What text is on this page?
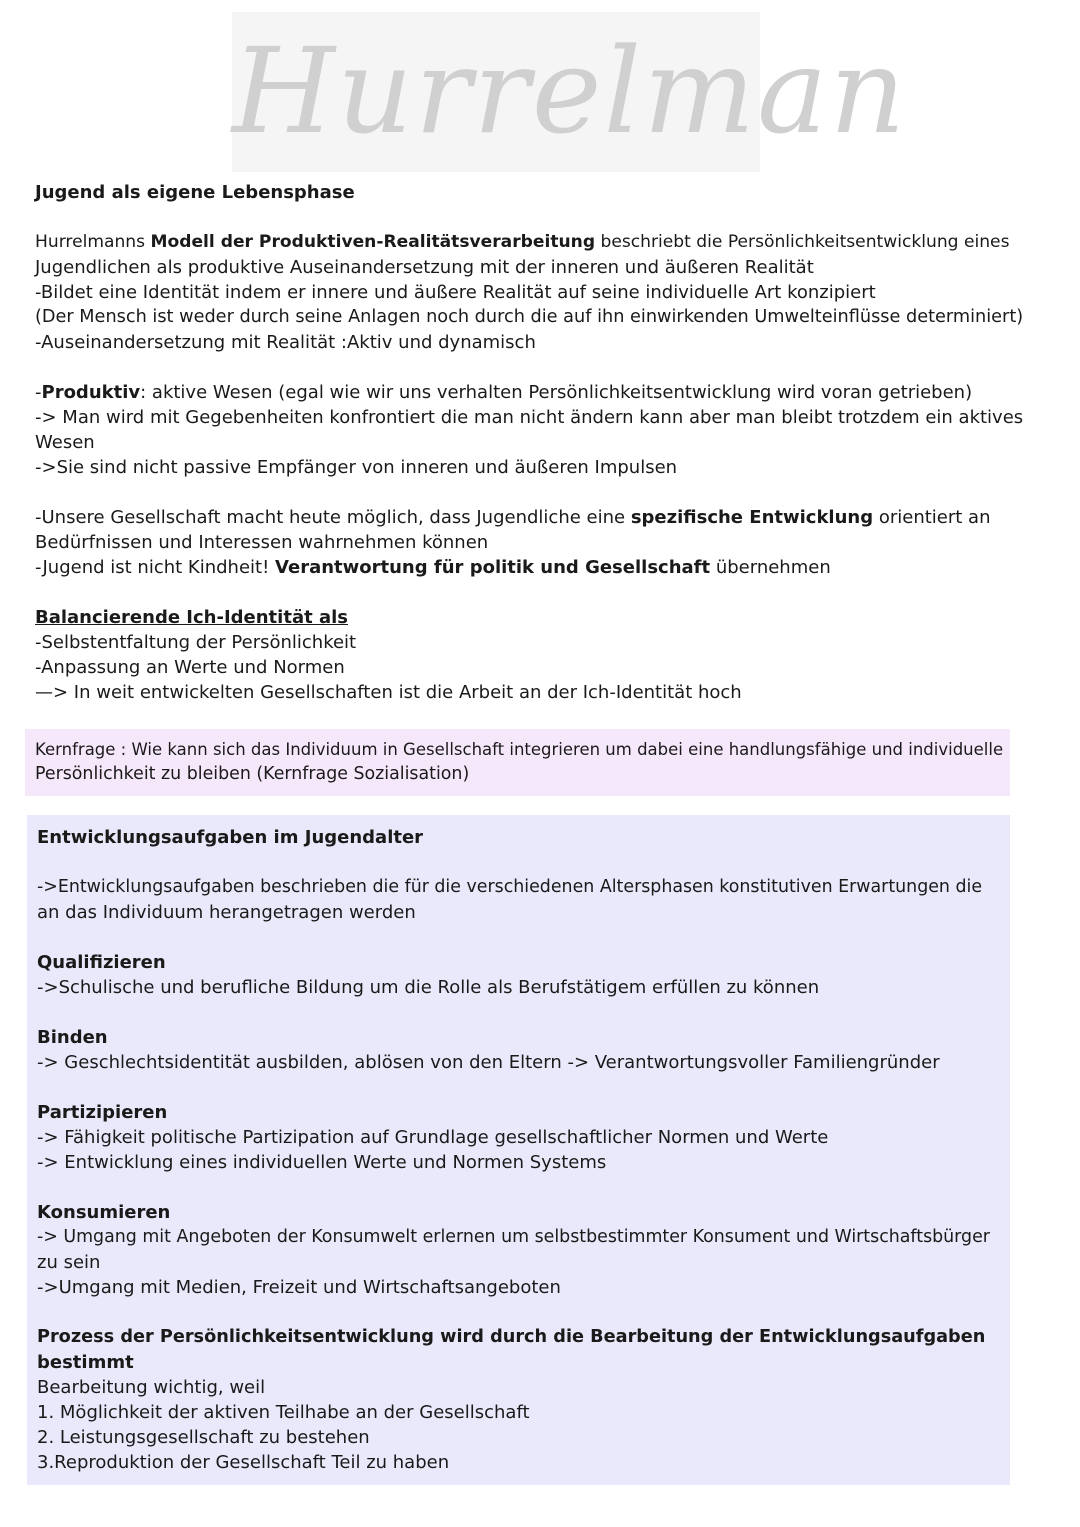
Hurrelman

Jugend als eigene Lebensphase

Hurrelmanns Modell der Produktiven-Realitätsverarbeitung beschriebt die Persönlichkeitsentwicklung eines

Jugendlichen als produktive Auseinandersetzung mit der inneren und äußeren Realität

-Bildet eine Identität indem er innere und äußere Realität auf seine individuelle Art konzipiert

(Der Mensch ist weder durch seine Anlagen noch durch die auf ihn einwirkenden Umwelteinflüsse determiniert)

-Auseinandersetzung mit Realität :Aktiv und dynamisch

-Produktiv: aktive Wesen (egal wie wir uns verhalten Persönlichkeitsentwicklung wird voran getrieben)

-> Man wird mit Gegebenheiten konfrontiert die man nicht ändern kann aber man bleibt trotzdem ein aktives

Wesen

->Sie sind nicht passive Empfänger von inneren und äußeren Impulsen

-Unsere Gesellschaft macht heute möglich, dass Jugendliche eine spezifische Entwicklung orientiert an

Bedürfnissen und Interessen wahrnehmen können

-Jugend ist nicht Kindheit! Verantwortung für politik und Gesellschaft übernehmen

Balancierende Ich-Identität als

-Selbstentfaltung der Persönlichkeit

-Anpassung an Werte und Normen

—> In weit entwickelten Gesellschaften ist die Arbeit an der Ich-Identität hoch

Kernfrage : Wie kann sich das Individuum in Gesellschaft integrieren um dabei eine handlungsfähige und individuelle

Persönlichkeit zu bleiben (Kernfrage Sozialisation)

Entwicklungsaufgaben im Jugendalter

->Entwicklungsaufgaben beschrieben die für die verschiedenen Altersphasen konstitutiven Erwartungen die

an das Individuum herangetragen werden

Qualifizieren

->Schulische und berufliche Bildung um die Rolle als Berufstätigem erfüllen zu können

Binden

-> Geschlechtsidentität ausbilden, ablösen von den Eltern -> Verantwortungsvoller Familiengründer

Partizipieren

-> Fähigkeit politische Partizipation auf Grundlage gesellschaftlicher Normen und Werte

-> Entwicklung eines individuellen Werte und Normen Systems

Konsumieren

-> Umgang mit Angeboten der Konsumwelt erlernen um selbstbestimmter Konsument und Wirtschaftsbürger

zu sein

->Umgang mit Medien, Freizeit und Wirtschaftsangeboten

Prozess der Persönlichkeitsentwicklung wird durch die Bearbeitung der Entwicklungsaufgaben

bestimmt

Bearbeitung wichtig, weil

1. Möglichkeit der aktiven Teilhabe an der Gesellschaft

2. Leistungsgesellschaft zu bestehen

3.Reproduktion der Gesellschaft Teil zu haben
